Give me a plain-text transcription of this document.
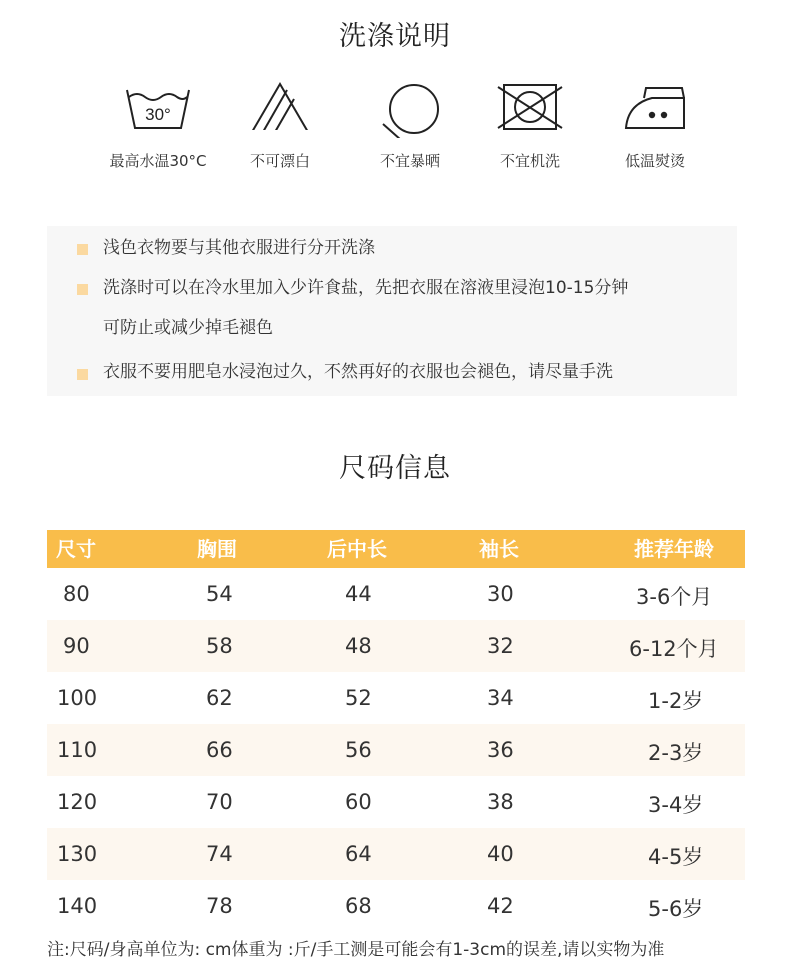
洗涤说明
30°
最高水温30°C	不可漂白	不宜暴晒	不宜机洗	低温熨烫
浅色衣物要与其他衣服进行分开洗涤
洗涤时可以在冷水里加入少许食盐，先把衣服在溶液里浸泡10-15分钟
可防止或减少掉毛褪色
衣服不要用肥皂水浸泡过久，不然再好的衣服也会褪色，请尽量手洗
尺码信息
尺寸	胸围	后中长	袖长	推荐年龄
80	54	44	30	3-6个月
90	58	48	32	6-12个月
100	62	52	34	1-2岁
110	66	56	36	2-3岁
120	70	60	38	3-4岁
130	74	64	40	4-5岁
140	78	68	42	5-6岁
注:尺码/身高单位为: cm体重为 :斤/手工测是可能会有1-3cm的误差,请以实物为准
